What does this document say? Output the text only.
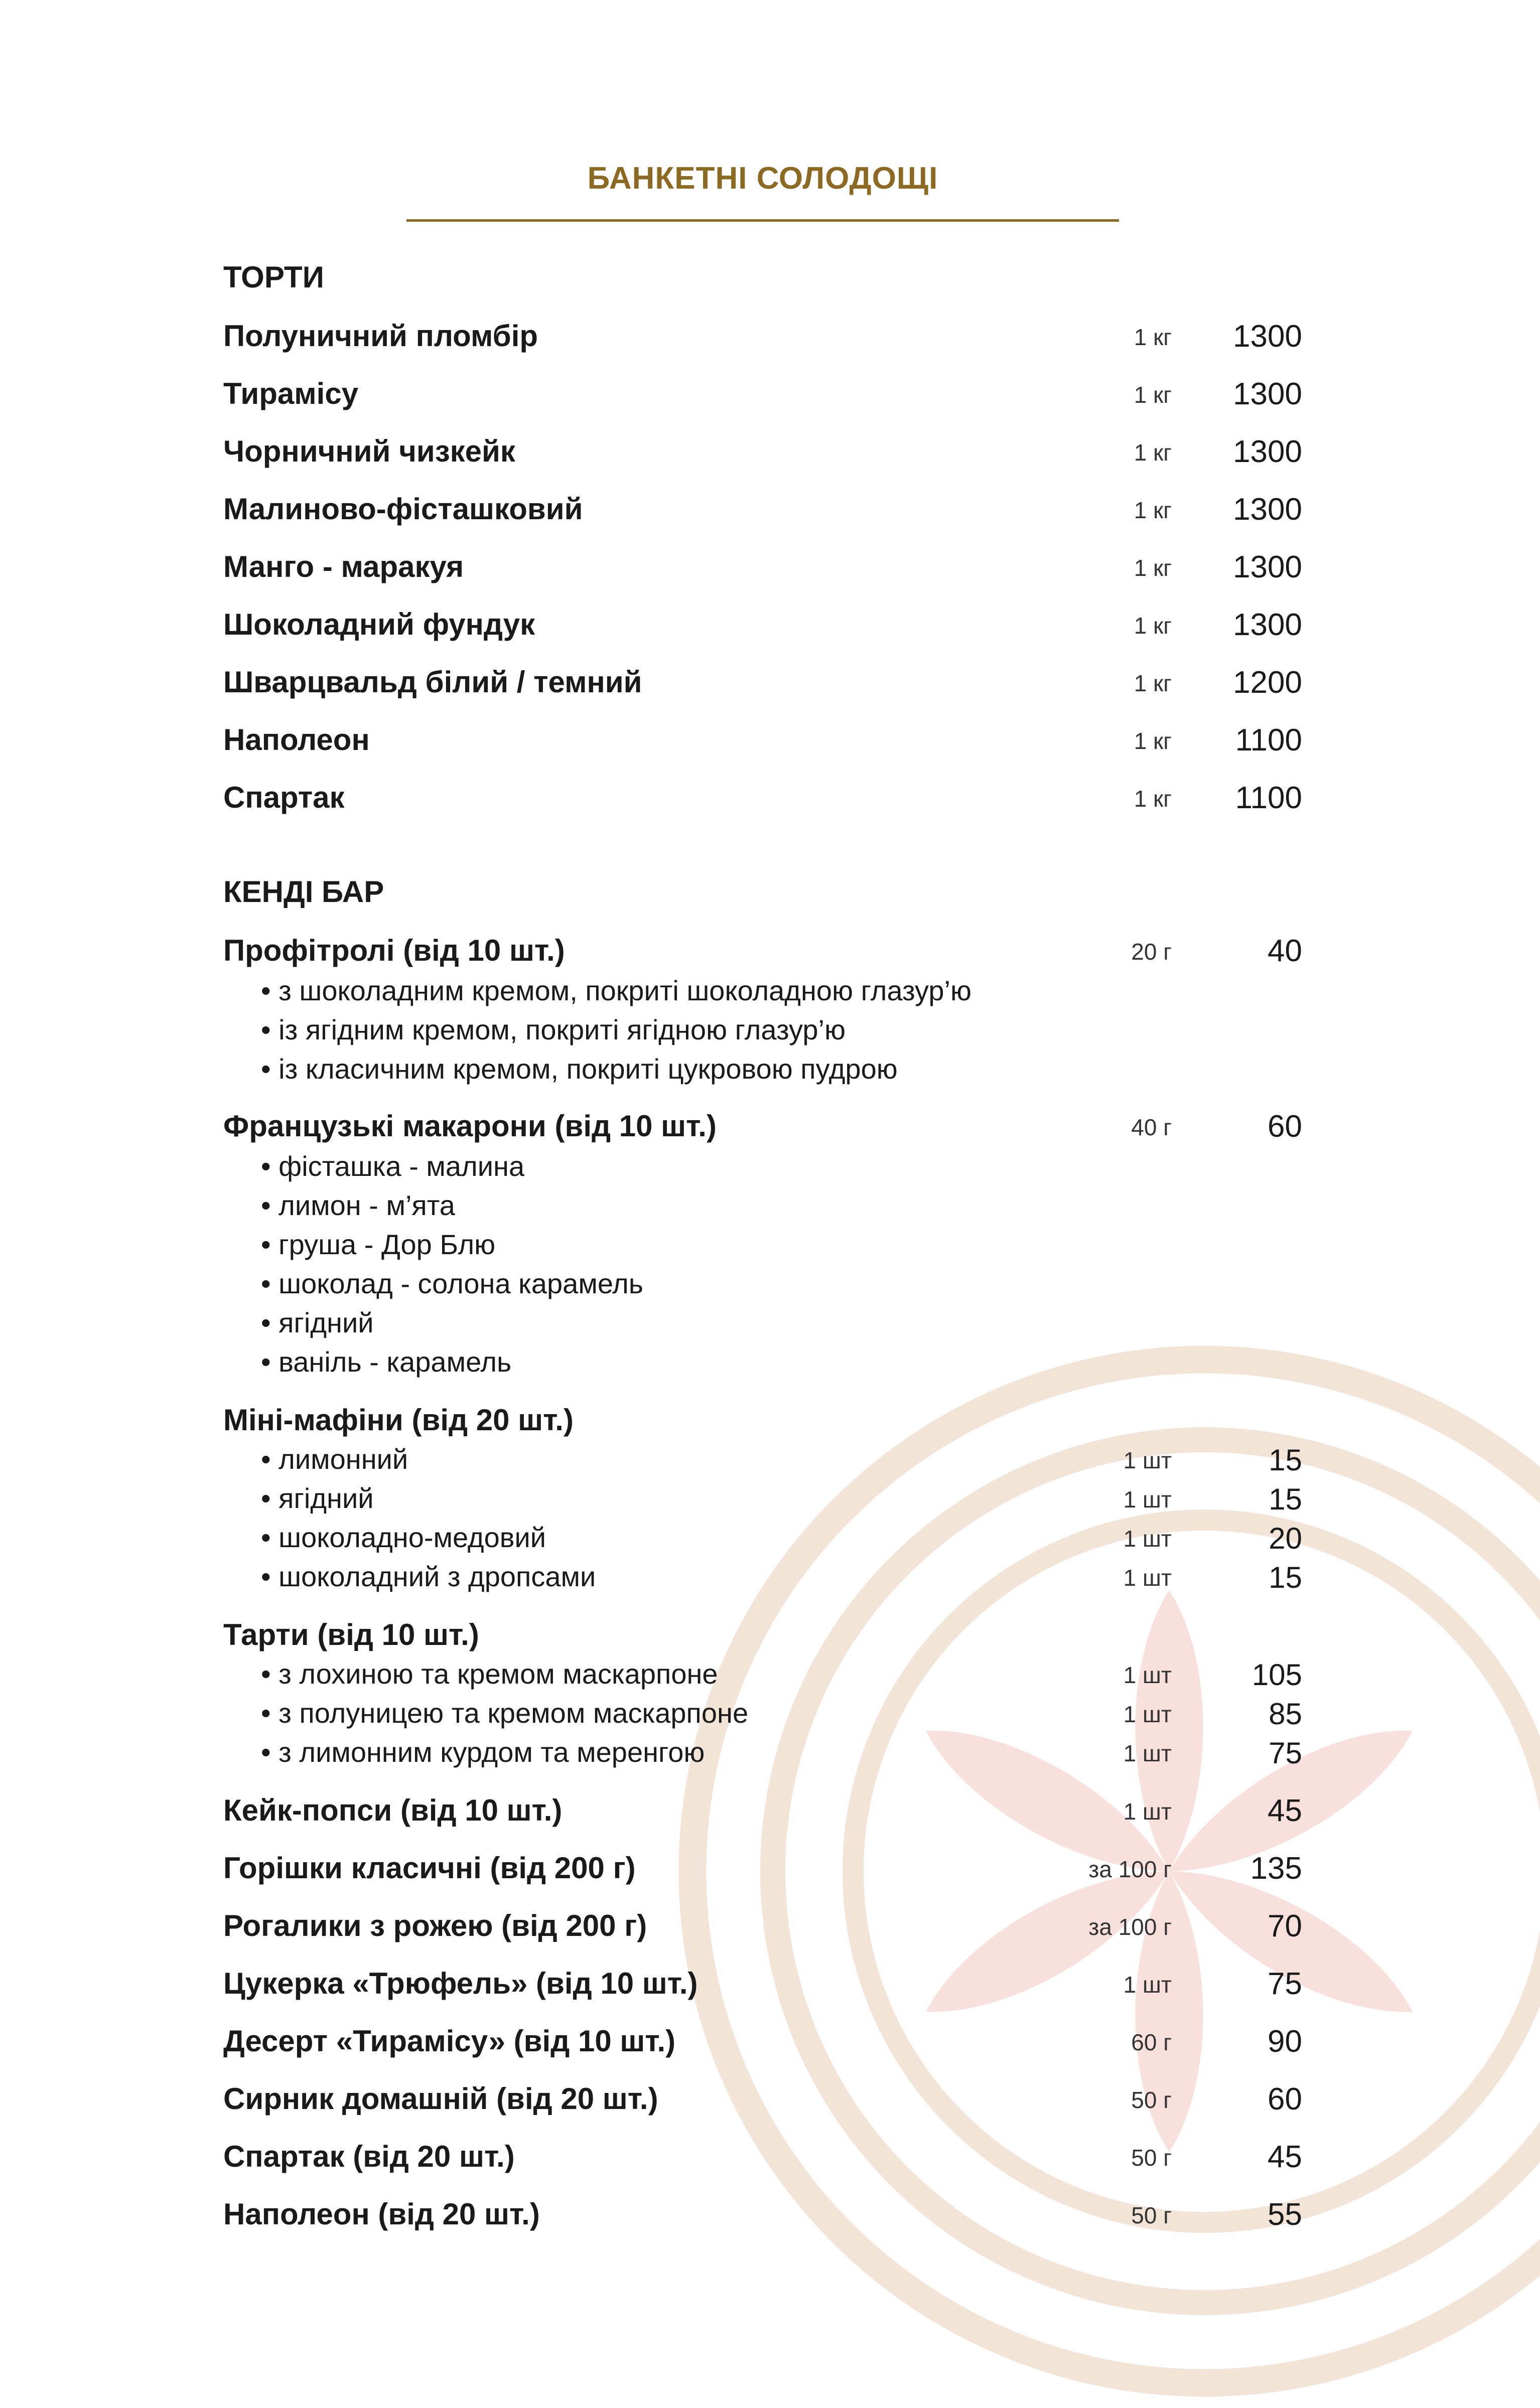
БАНКЕТНІ СОЛОДОЩІ
ТОРТИ
Полуничний пломбір	1 кг 1300
Тирамісу	1 кг 1300
Чорничний чизкейк	1 кг 1300
Малиново-фісташковий	1 кг 1300
Манго - маракуя	1 кг 1300
Шоколадний фундук	1 кг 1300
Шварцвальд білий / темний	1 кг 1200
Наполеон	1 кг 1100
Спартак	1 кг 1100
КЕНДІ БАР
Профітролі (від 10 шт.)	20 г	40
• з шоколадним кремом, покриті шоколадною глазур’ю
• із ягідним кремом, покриті ягідною глазур’ю
• із класичним кремом, покриті цукровою пудрою
Французькі макарони (від 10 шт.)	40 г	60
• фісташка - малина
• лимон - м’ята
• груша - Дор Блю
• шоколад - солона карамель
• ягідний
• ваніль - карамель
Міні-мафіни (від 20 шт.)
• лимонний	1 шт	15
• ягідний	1 шт	15
• шоколадно-медовий	1 шт	20
• шоколадний з дропсами	1 шт	15
Тарти (від 10 шт.)
• з лохиною та кремом маскарпоне	1 шт	105
• з полуницею та кремом маскарпоне	1 шт	85
• з лимонним курдом та меренгою	1 шт	75
Кейк-попси (від 10 шт.)	1 шт	45
Горішки класичні (від 200 г)	за 100 г	135
Рогалики з рожею (від 200 г)	за 100 г	70
Цукерка «Трюфель» (від 10 шт.)	1 шт	75
Десерт «Тирамісу» (від 10 шт.)	60 г	90
Сирник домашній (від 20 шт.)	50 г	60
Спартак (від 20 шт.)	50 г	45
Наполеон (від 20 шт.)	50 г	55
